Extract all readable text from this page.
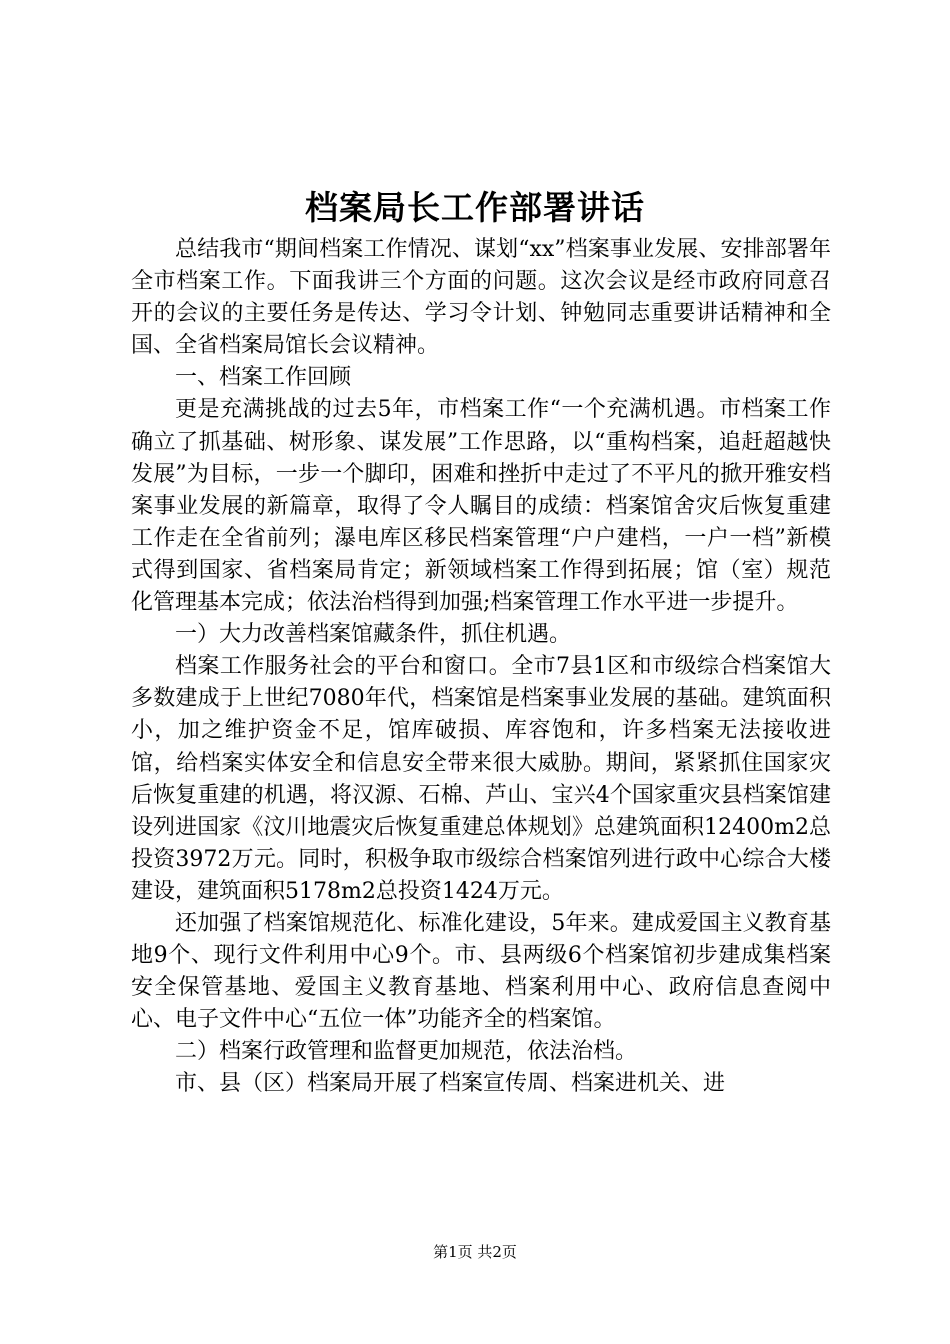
档案局长工作部署讲话

总结我市“期间档案工作情况、谋划“xx”档案事业发展、安排部署年全市档案工作。下面我讲三个方面的问题。这次会议是经市政府同意召开的会议的主要任务是传达、学习令计划、钟勉同志重要讲话精神和全国、全省档案局馆长会议精神。

一、档案工作回顾

更是充满挑战的过去5年，市档案工作“一个充满机遇。市档案工作确立了抓基础、树形象、谋发展”工作思路，以“重构档案，追赶超越快发展”为目标，一步一个脚印，困难和挫折中走过了不平凡的掀开雅安档案事业发展的新篇章，取得了令人瞩目的成绩：档案馆舍灾后恢复重建工作走在全省前列；瀑电库区移民档案管理“户户建档，一户一档”新模式得到国家、省档案局肯定；新领域档案工作得到拓展；馆（室）规范化管理基本完成；依法治档得到加强;档案管理工作水平进一步提升。

一）大力改善档案馆藏条件，抓住机遇。

档案工作服务社会的平台和窗口。全市7县1区和市级综合档案馆大多数建成于上世纪7080年代，档案馆是档案事业发展的基础。建筑面积小，加之维护资金不足，馆库破损、库容饱和，许多档案无法接收进馆，给档案实体安全和信息安全带来很大威胁。期间，紧紧抓住国家灾后恢复重建的机遇，将汉源、石棉、芦山、宝兴4个国家重灾县档案馆建设列进国家《汶川地震灾后恢复重建总体规划》总建筑面积12400m2总投资3972万元。同时，积极争取市级综合档案馆列进行政中心综合大楼建设，建筑面积5178m2总投资1424万元。

还加强了档案馆规范化、标准化建设，5年来。建成爱国主义教育基地9个、现行文件利用中心9个。市、县两级6个档案馆初步建成集档案安全保管基地、爱国主义教育基地、档案利用中心、政府信息查阅中心、电子文件中心“五位一体”功能齐全的档案馆。

二）档案行政管理和监督更加规范，依法治档。

市、县（区）档案局开展了档案宣传周、档案进机关、进

第1页 共2页
